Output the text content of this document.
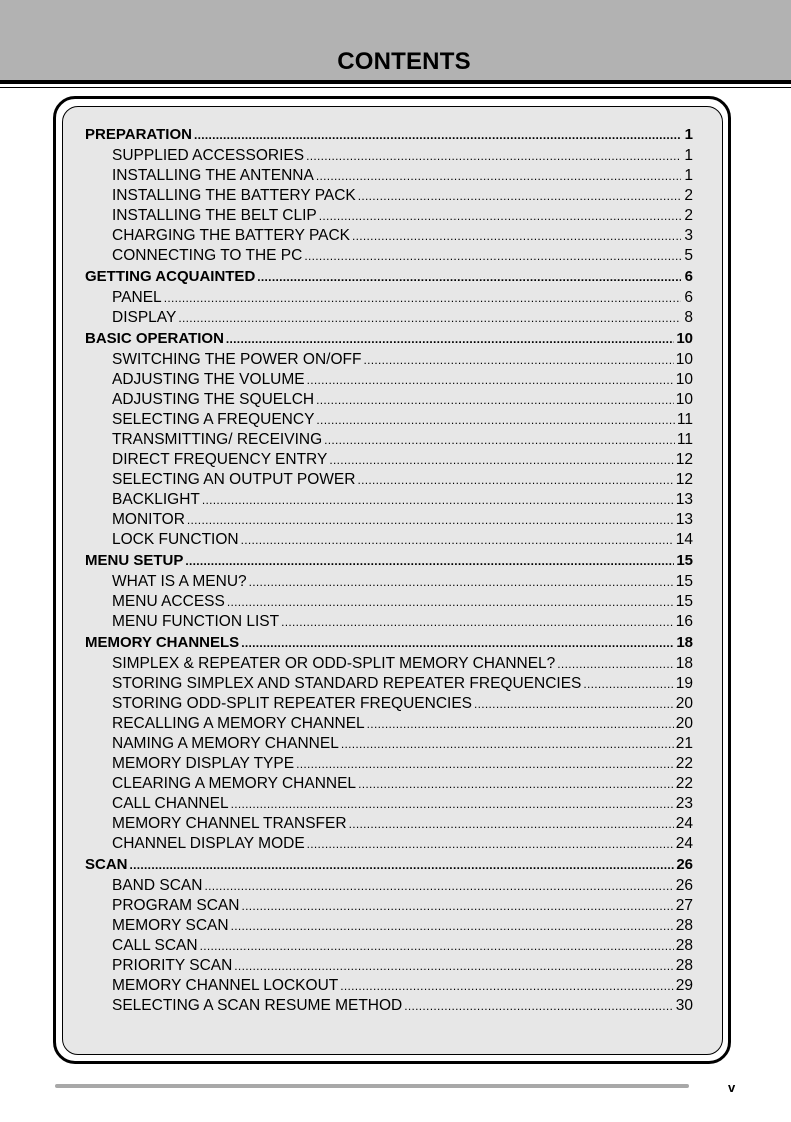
CONTENTS
PREPARATION .....	1
SUPPLIED ACCESSORIES .....	1
INSTALLING THE ANTENNA .....	1
INSTALLING THE BATTERY PACK .....	2
INSTALLING THE BELT CLIP .....	2
CHARGING THE BATTERY PACK .....	3
CONNECTING TO THE PC .....	5
GETTING ACQUAINTED .....	6
PANEL .....	6
DISPLAY .....	8
BASIC OPERATION .....	10
SWITCHING THE POWER ON/OFF .....	10
ADJUSTING THE VOLUME .....	10
ADJUSTING THE SQUELCH .....	10
SELECTING A FREQUENCY .....	11
TRANSMITTING/ RECEIVING .....	11
DIRECT FREQUENCY ENTRY .....	12
SELECTING AN OUTPUT POWER .....	12
BACKLIGHT .....	13
MONITOR .....	13
LOCK FUNCTION .....	14
MENU SETUP .....	15
WHAT IS A MENU? .....	15
MENU ACCESS .....	15
MENU FUNCTION LIST .....	16
MEMORY CHANNELS .....	18
SIMPLEX & REPEATER OR ODD-SPLIT MEMORY CHANNEL? .....	18
STORING SIMPLEX AND STANDARD REPEATER FREQUENCIES .....	19
STORING ODD-SPLIT REPEATER FREQUENCIES .....	20
RECALLING A MEMORY CHANNEL .....	20
NAMING A MEMORY CHANNEL .....	21
MEMORY DISPLAY TYPE .....	22
CLEARING A MEMORY CHANNEL .....	22
CALL CHANNEL .....	23
MEMORY CHANNEL TRANSFER .....	24
CHANNEL DISPLAY MODE .....	24
SCAN .....	26
BAND SCAN .....	26
PROGRAM SCAN .....	27
MEMORY SCAN .....	28
CALL SCAN .....	28
PRIORITY SCAN .....	28
MEMORY CHANNEL LOCKOUT .....	29
SELECTING A SCAN RESUME METHOD .....	30
v
